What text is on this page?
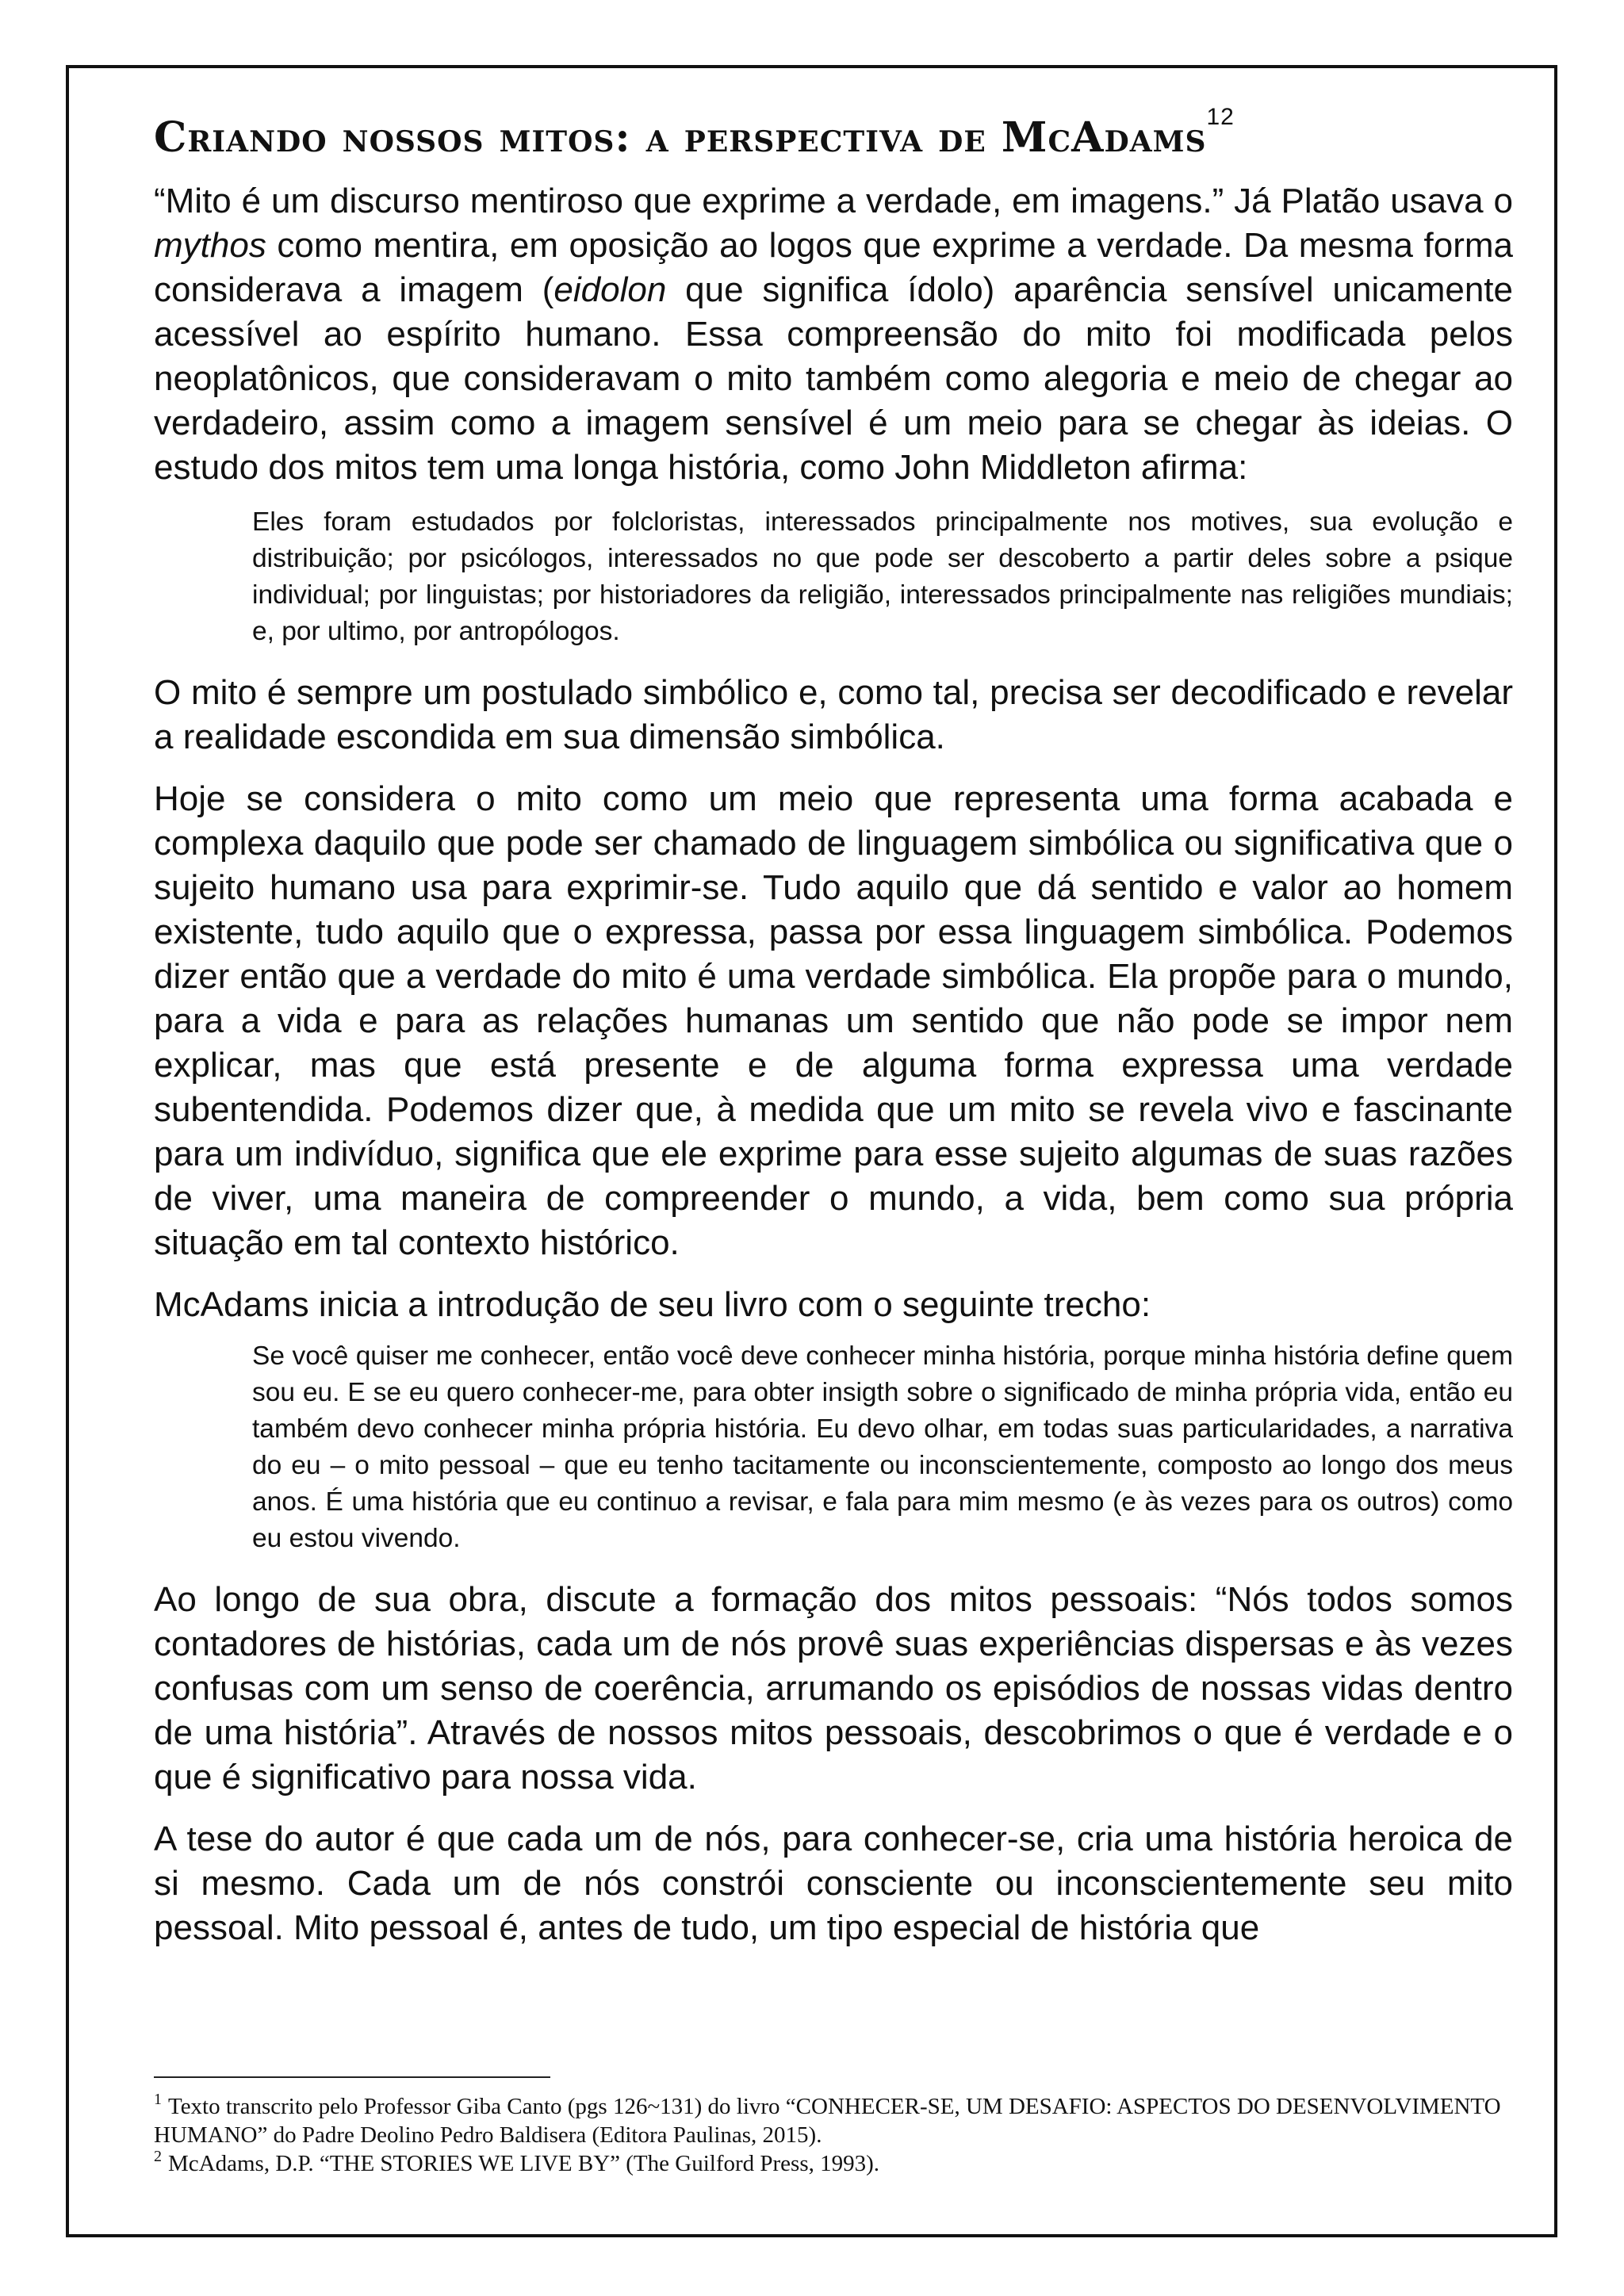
Criando nossos mitos: a perspectiva de McAdams$^{12}$

“Mito é um discurso mentiroso que exprime a verdade, em imagens.” Já Platão usava o mythos como mentira, em oposição ao logos que exprime a verdade. Da mesma forma considerava a imagem (eidolon que significa ídolo) aparência sensível unicamente acessível ao espírito humano. Essa compreensão do mito foi modificada pelos neoplatônicos, que consideravam o mito também como alegoria e meio de chegar ao verdadeiro, assim como a imagem sensível é um meio para se chegar às ideias. O estudo dos mitos tem uma longa história, como John Middleton afirma:

Eles foram estudados por folcloristas, interessados principalmente nos motives, sua evolução e distribuição; por psicólogos, interessados no que pode ser descoberto a partir deles sobre a psique individual; por linguistas; por historiadores da religião, interessados principalmente nas religiões mundiais; e, por ultimo, por antropólogos.

O mito é sempre um postulado simbólico e, como tal, precisa ser decodificado e revelar a realidade escondida em sua dimensão simbólica.

Hoje se considera o mito como um meio que representa uma forma acabada e complexa daquilo que pode ser chamado de linguagem simbólica ou significativa que o sujeito humano usa para exprimir-se. Tudo aquilo que dá sentido e valor ao homem existente, tudo aquilo que o expressa, passa por essa linguagem simbólica. Podemos dizer então que a verdade do mito é uma verdade simbólica. Ela propõe para o mundo, para a vida e para as relações humanas um sentido que não pode se impor nem explicar, mas que está presente e de alguma forma expressa uma verdade subentendida. Podemos dizer que, à medida que um mito se revela vivo e fascinante para um indivíduo, significa que ele exprime para esse sujeito algumas de suas razões de viver, uma maneira de compreender o mundo, a vida, bem como sua própria situação em tal contexto histórico.

McAdams inicia a introdução de seu livro com o seguinte trecho:

Se você quiser me conhecer, então você deve conhecer minha história, porque minha história define quem sou eu. E se eu quero conhecer-me, para obter insigth sobre o significado de minha própria vida, então eu também devo conhecer minha própria história. Eu devo olhar, em todas suas particularidades, a narrativa do eu – o mito pessoal – que eu tenho tacitamente ou inconscientemente, composto ao longo dos meus anos. É uma história que eu continuo a revisar, e fala para mim mesmo (e às vezes para os outros) como eu estou vivendo.

Ao longo de sua obra, discute a formação dos mitos pessoais: “Nós todos somos contadores de histórias, cada um de nós provê suas experiências dispersas e às vezes confusas com um senso de coerência, arrumando os episódios de nossas vidas dentro de uma história”. Através de nossos mitos pessoais, descobrimos o que é verdade e o que é significativo para nossa vida.

A tese do autor é que cada um de nós, para conhecer-se, cria uma história heroica de si mesmo. Cada um de nós constrói consciente ou inconscientemente seu mito pessoal. Mito pessoal é, antes de tudo, um tipo especial de história que

$^1$ Texto transcrito pelo Professor Giba Canto (pgs 126~131) do livro “CONHECER-SE, UM DESAFIO: ASPECTOS DO DESENVOLVIMENTO HUMANO” do Padre Deolino Pedro Baldisera (Editora Paulinas, 2015).

$^2$ McAdams, D.P. “THE STORIES WE LIVE BY” (The Guilford Press, 1993).
